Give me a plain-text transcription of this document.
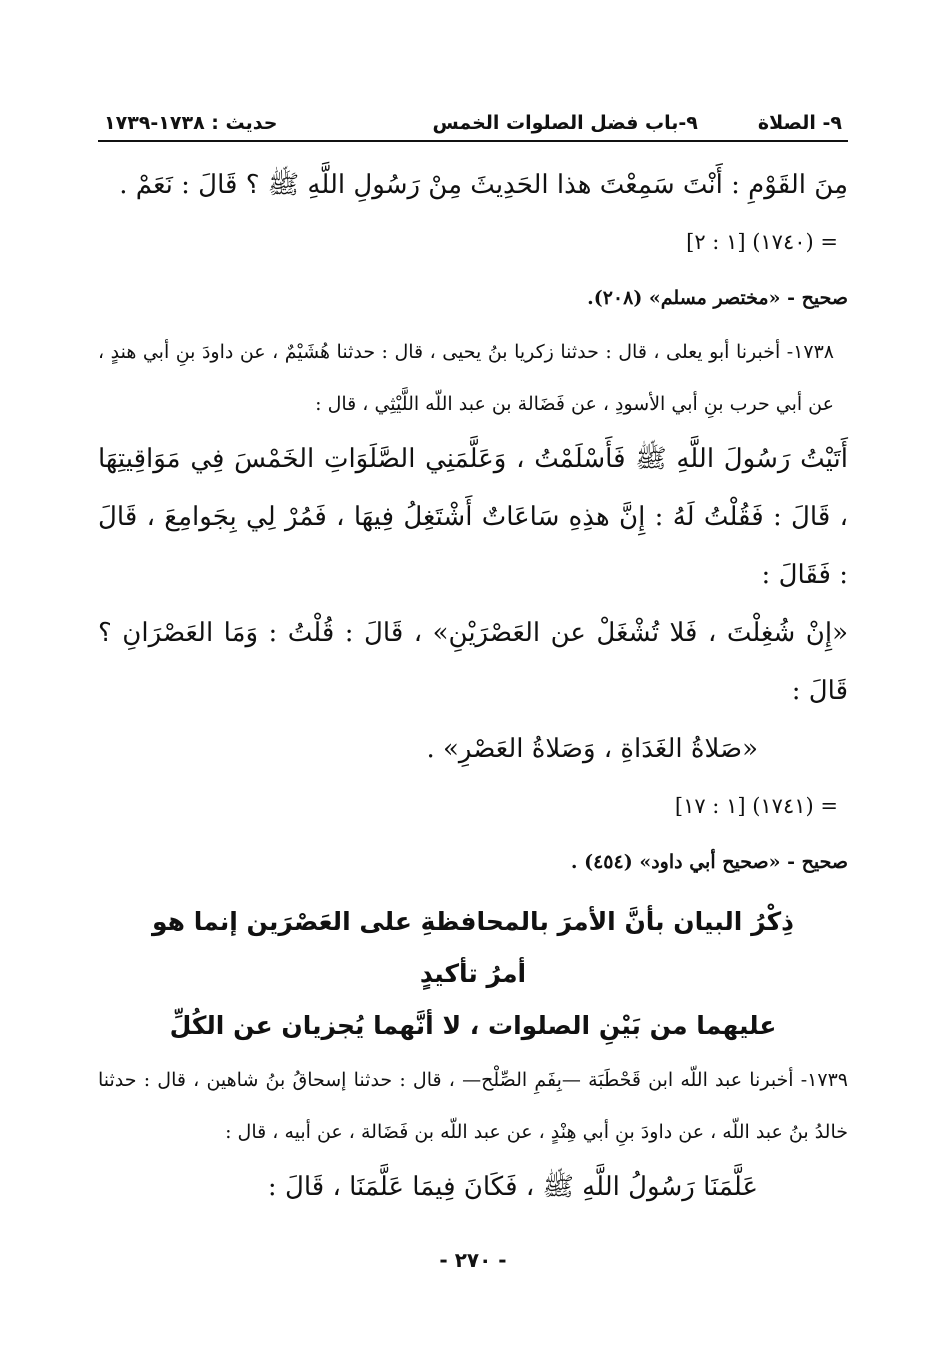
٩- الصلاة
٩-باب فضل الصلوات الخمس
حديث : ١٧٣٨-١٧٣٩

مِنَ القَوْمِ : أَنْتَ سَمِعْتَ هذا الحَدِيثَ مِنْ رَسُولِ اللَّهِ ﷺ ؟ قَالَ : نَعَمْ .

= (١٧٤٠) [١ : ٢]

صحيح - «مختصر مسلم» (٢٠٨).

١٧٣٨- أخبرنا أبو يعلى ، قال : حدثنا زكريا بنُ يحيى ، قال : حدثنا هُشَيْمٌ ، عن داودَ بنِ أبي هندٍ ، عن أبي حرب بنِ أبي الأسودِ ، عن فَضَالة بن عبد اللّه اللَّيْثِي ، قال :

أَتَيْتُ رَسُولَ اللَّهِ ﷺ فَأَسْلَمْتُ ، وَعَلَّمَنِي الصَّلَوَاتِ الخَمْسَ فِي مَوَاقِيتِهَا ، قَالَ : فَقُلْتُ لَهُ : إِنَّ هذِهِ سَاعَاتٌ أَشْتَغِلُ فِيهَا ، فَمُرْ لِي بِجَوامِعَ ، قَالَ : فَقَالَ :

«إِنْ شُغِلْتَ ، فَلا تُشْغَلْ عن العَصْرَيْنِ» ، قَالَ : قُلْتُ : وَمَا العَصْرَانِ ؟ قَالَ :

«صَلاةُ الغَدَاةِ ، وَصَلاةُ العَصْرِ» .

= (١٧٤١) [١ : ١٧]

صحيح - «صحيح أبي داود» (٤٥٤) .

ذِكْرُ البيان بأنَّ الأمرَ بالمحافظةِ على العَصْرَين إنما هو أمرُ تأكيدٍ
عليهما من بَيْنِ الصلوات ، لا أنَّهما يُجزيان عن الكُلِّ

١٧٣٩- أخبرنا عبد اللّه ابن قَحْطَبَة —بِفَمِ الصِّلْح— ، قال : حدثنا إسحاقُ بنُ شاهين ، قال : حدثنا خالدُ بنُ عبد اللّه ، عن داودَ بنِ أبي هِنْدٍ ، عن عبد اللّه بن فَضَالة ، عن أبيه ، قال :

عَلَّمَنَا رَسُولُ اللَّهِ ﷺ ، فَكَانَ فِيمَا عَلَّمَنَا ، قَالَ :

- ٢٧٠ -
